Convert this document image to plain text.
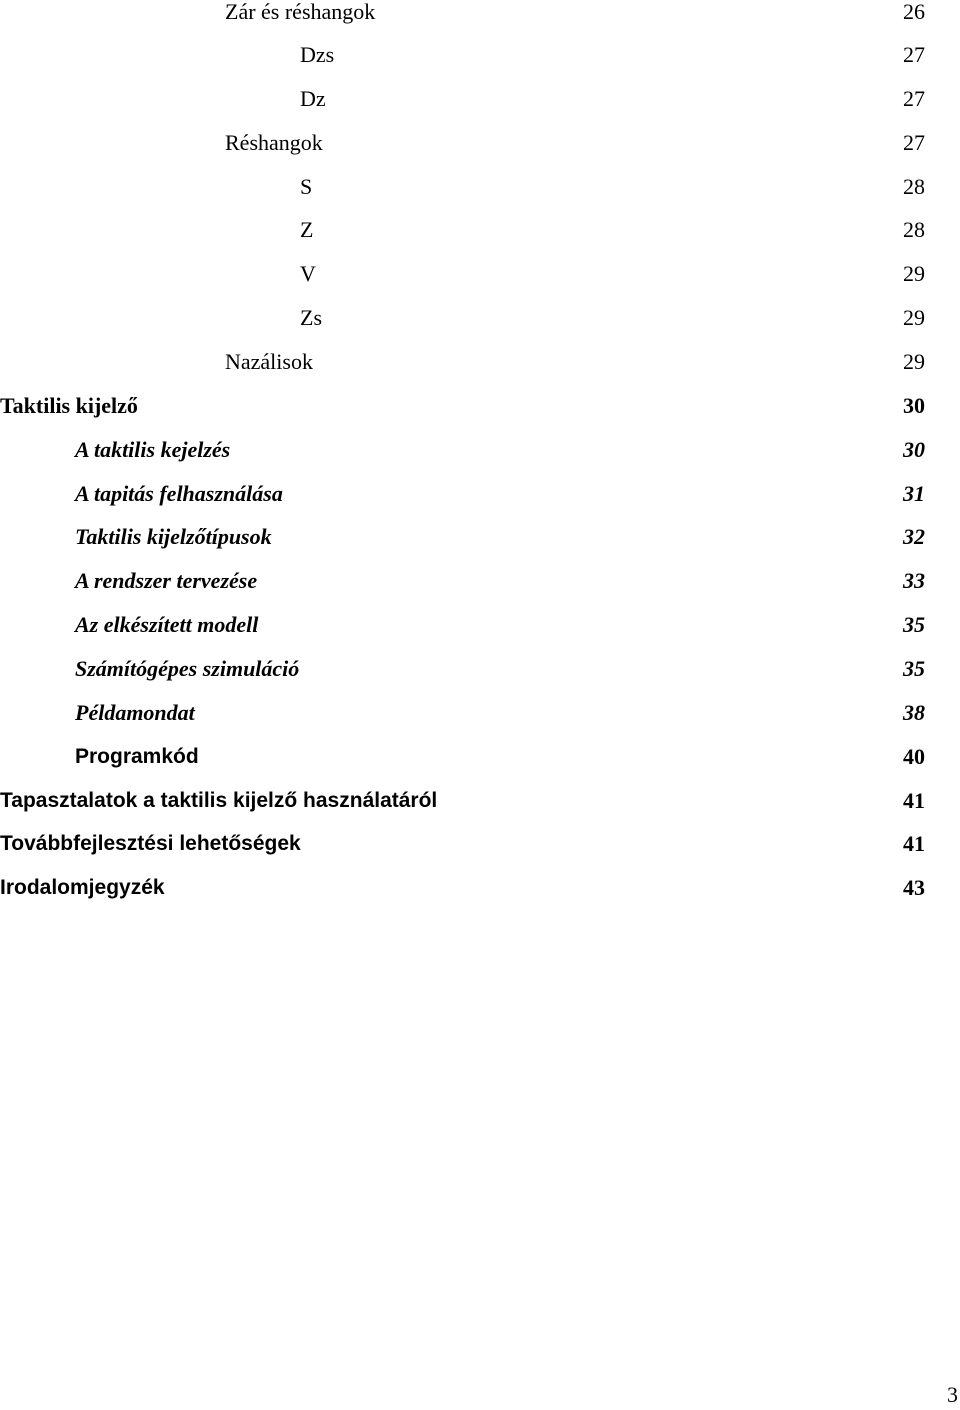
Zár és réshangok	26
Dzs	27
Dz	27
Réshangok	27
S	28
Z	28
V	29
Zs	29
Nazálisok	29
Taktilis kijelző	30
A taktilis kejelzés	30
A tapitás felhasználása	31
Taktilis kijelzőtípusok	32
A rendszer tervezése	33
Az elkészített modell	35
Számítógépes szimuláció	35
Példamondat	38
Programkód	40
Tapasztalatok a taktilis kijelző használatáról	41
Továbbfejlesztési lehetőségek	41
Irodalomjegyzék	43
3
